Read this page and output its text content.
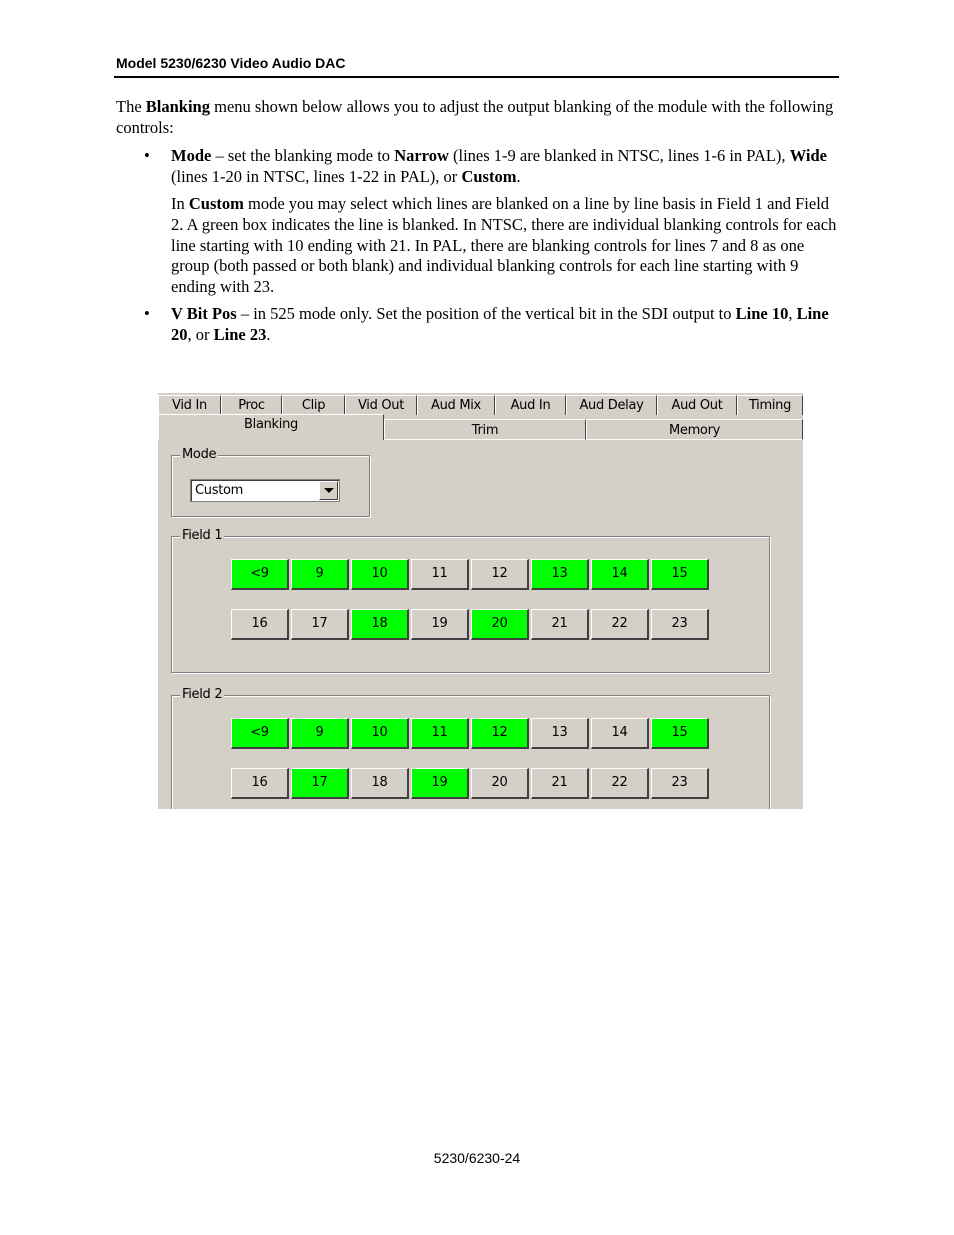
Model 5230/6230 Video Audio DAC

The Blanking menu shown below allows you to adjust the output blanking of the module with the following controls:

• Mode – set the blanking mode to Narrow (lines 1-9 are blanked in NTSC, lines 1-6 in PAL), Wide (lines 1-20 in NTSC, lines 1-22 in PAL), or Custom.

In Custom mode you may select which lines are blanked on a line by line basis in Field 1 and Field 2. A green box indicates the line is blanked. In NTSC, there are individual blanking controls for each line starting with 10 ending with 21. In PAL, there are blanking controls for lines 7 and 8 as one group (both passed or both blank) and individual blanking controls for each line starting with 9 ending with 23.

• V Bit Pos – in 525 mode only. Set the position of the vertical bit in the SDI output to Line 10, Line 20, or Line 23.

Vid In	Proc	Clip	Vid Out	Aud Mix	Aud In	Aud Delay	Aud Out	Timing
Blanking	Trim	Memory
Mode
Custom
Field 1
<9	9	10	11	12	13	14	15
16	17	18	19	20	21	22	23
Field 2
<9	9	10	11	12	13	14	15
16	17	18	19	20	21	22	23
5230/6230-24
